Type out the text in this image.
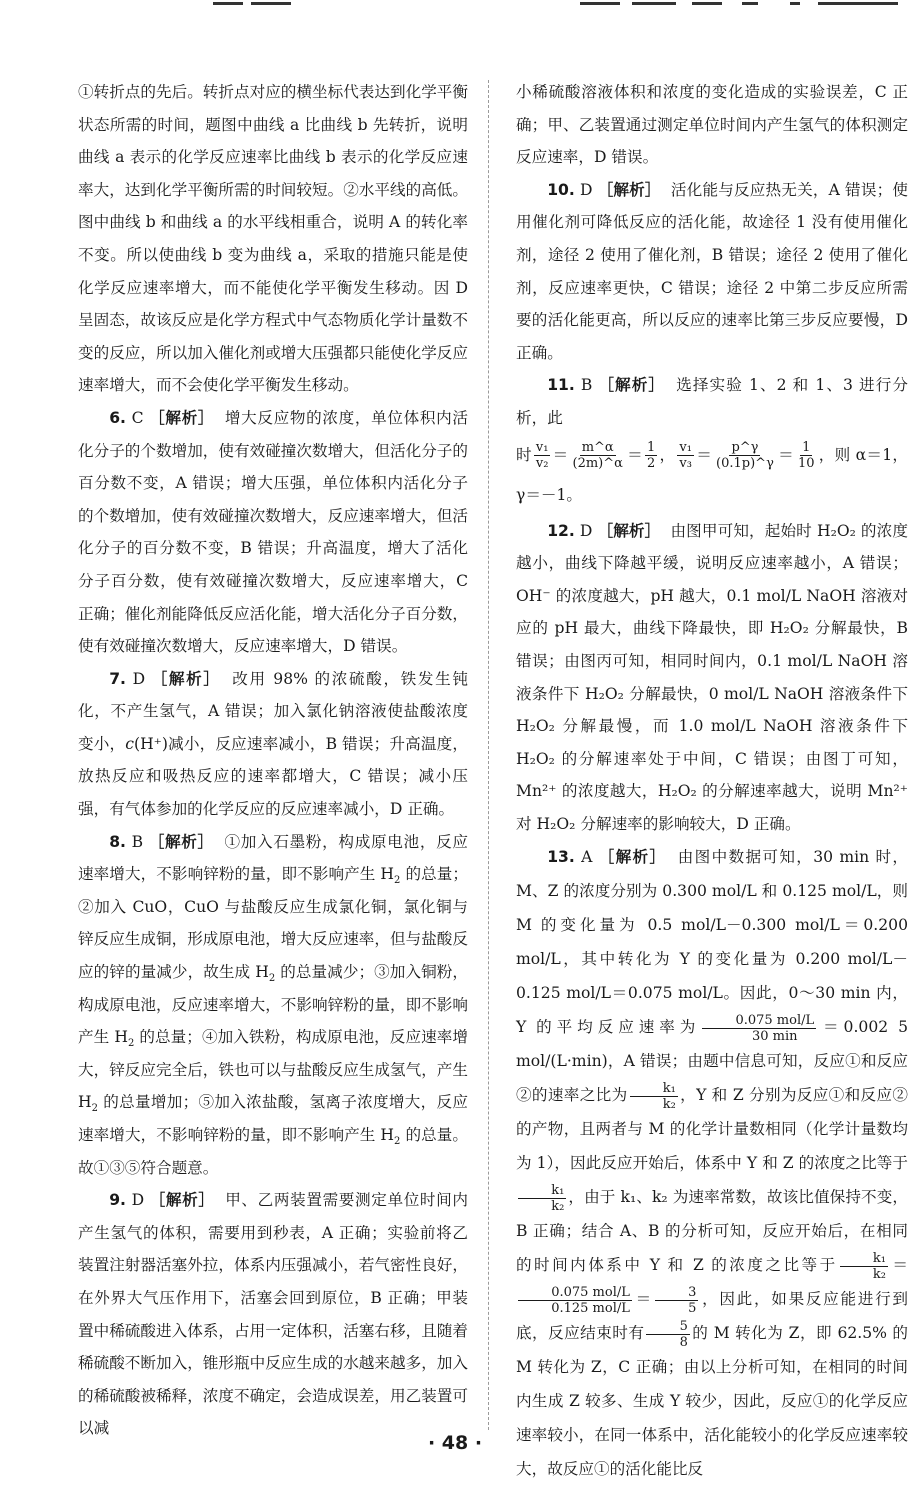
①转折点的先后。转折点对应的横坐标代表达到化学平衡状态所需的时间，题图中曲线 a 比曲线 b 先转折，说明曲线 a 表示的化学反应速率比曲线 b 表示的化学反应速率大，达到化学平衡所需的时间较短。②水平线的高低。图中曲线 b 和曲线 a 的水平线相重合，说明 A 的转化率不变。所以使曲线 b 变为曲线 a，采取的措施只能是使化学反应速率增大，而不能使化学平衡发生移动。因 D 呈固态，故该反应是化学方程式中气态物质化学计量数不变的反应，所以加入催化剂或增大压强都只能使化学反应速率增大，而不会使化学平衡发生移动。

6. C ［解析］ 增大反应物的浓度，单位体积内活化分子的个数增加，使有效碰撞次数增大，但活化分子的百分数不变，A 错误；增大压强，单位体积内活化分子的个数增加，使有效碰撞次数增大，反应速率增大，但活化分子的百分数不变，B 错误；升高温度，增大了活化分子百分数，使有效碰撞次数增大，反应速率增大，C 正确；催化剂能降低反应活化能，增大活化分子百分数，使有效碰撞次数增大，反应速率增大，D 错误。

7. D ［解析］ 改用 98% 的浓硫酸，铁发生钝化，不产生氢气，A 错误；加入氯化钠溶液使盐酸浓度变小，c(H⁺)减小，反应速率减小，B 错误；升高温度，放热反应和吸热反应的速率都增大，C 错误；减小压强，有气体参加的化学反应的反应速率减小，D 正确。

8. B ［解析］ ①加入石墨粉，构成原电池，反应速率增大，不影响锌粉的量，即不影响产生 $H_2$ 的总量；②加入 CuO，CuO 与盐酸反应生成氯化铜，氯化铜与锌反应生成铜，形成原电池，增大反应速率，但与盐酸反应的锌的量减少，故生成 $H_2$ 的总量减少；③加入铜粉，构成原电池，反应速率增大，不影响锌粉的量，即不影响产生 $H_2$ 的总量；④加入铁粉，构成原电池，反应速率增大，锌反应完全后，铁也可以与盐酸反应生成氢气，产生 $H_2$ 的总量增加；⑤加入浓盐酸，氢离子浓度增大，反应速率增大，不影响锌粉的量，即不影响产生 $H_2$ 的总量。故①③⑤符合题意。

9. D ［解析］ 甲、乙两装置需要测定单位时间内产生氢气的体积，需要用到秒表，A 正确；实验前将乙装置注射器活塞外拉，体系内压强减小，若气密性良好，在外界大气压作用下，活塞会回到原位，B 正确；甲装置中稀硫酸进入体系，占用一定体积，活塞右移，且随着稀硫酸不断加入，锥形瓶中反应生成的水越来越多，加入的稀硫酸被稀释，浓度不确定，会造成误差，用乙装置可以减

小稀硫酸溶液体积和浓度的变化造成的实验误差，C 正确；甲、乙装置通过测定单位时间内产生氢气的体积测定反应速率，D 错误。

10. D ［解析］ 活化能与反应热无关，A 错误；使用催化剂可降低反应的活化能，故途径 1 没有使用催化剂，途径 2 使用了催化剂，B 错误；途径 2 使用了催化剂，反应速率更快，C 错误；途径 2 中第二步反应所需要的活化能更高，所以反应的速率比第三步反应要慢，D 正确。

11. B ［解析］ 选择实验 1、2 和 1、3 进行分析，此

时 $\frac{\text{v₁}}{\text{v₂}} = \frac{m\^{}\alpha}{(2m)\^{}\alpha} = \frac{1}{2}$ ， $\frac{\text{v₁}}{\text{v₃}} = \frac{p\^{}\gamma}{(0.1p)\^{}\gamma} = \frac{1}{10}$ ，则 α＝1，γ＝－1。

12. D ［解析］ 由图甲可知，起始时 H₂O₂ 的浓度越小，曲线下降越平缓，说明反应速率越小，A 错误；OH⁻ 的浓度越大，pH 越大，0.1 mol/L NaOH 溶液对应的 pH 最大，曲线下降最快，即 H₂O₂ 分解最快，B 错误；由图丙可知，相同时间内，0.1 mol/L NaOH 溶液条件下 H₂O₂ 分解最快，0 mol/L NaOH 溶液条件下 H₂O₂ 分解最慢，而 1.0 mol/L NaOH 溶液条件下 H₂O₂ 的分解速率处于中间，C 错误；由图丁可知，Mn²⁺ 的浓度越大，H₂O₂ 的分解速率越大，说明 Mn²⁺ 对 H₂O₂ 分解速率的影响较大，D 正确。

13. A ［解析］ 由图中数据可知，30 min 时，M、Z 的浓度分别为 0.300 mol/L 和 0.125 mol/L，则 M 的变化量为 0.5 mol/L－0.300 mol/L＝0.200 mol/L，其中转化为 Y 的变化量为 0.200 mol/L－0.125 mol/L＝0.075 mol/L。因此，0～30 min 内，Y 的平均反应速率为 $\frac{\text{0.075 mol/L}}{30 \min} =0.002$ 5 mol/(L·min)，A 错误；由题中信息可知，反应①和反应②的速率之比为 $\frac{\text{k₁}}{\text{k₂}}$ ，Y 和 Z 分别为反应①和反应②的产物，且两者与 M 的化学计量数相同（化学计量数均为 1），因此反应开始后，体系中 Y 和 Z 的浓度之比等于
$\frac{\text{k₁}}{\text{k₂}}$ ，由于 k₁、k₂ 为速率常数，故该比值保持不变，B 正确；结合 A、B 的分析可知，反应开始后，在相同的时间内体系中 Y 和 Z 的浓度之比等于 $\frac{\text{k₁}}{\text{k₂}}$ ＝
$\frac{\text{0.075 mol/L}}{\text{0.125 mol/L}} = \frac{3}{5}$ ，因此，如果反应能进行到底，反应结束时有 $\frac{5}{8}$ 的 M 转化为 Z，即 62.5% 的 M 转化为 Z，C 正确；由以上分析可知，在相同的时间内生成 Z 较多、生成 Y 较少，因此，反应①的化学反应速率较小，在同一体系中，活化能较小的化学反应速率较大，故反应①的活化能比反

· 48 ·
